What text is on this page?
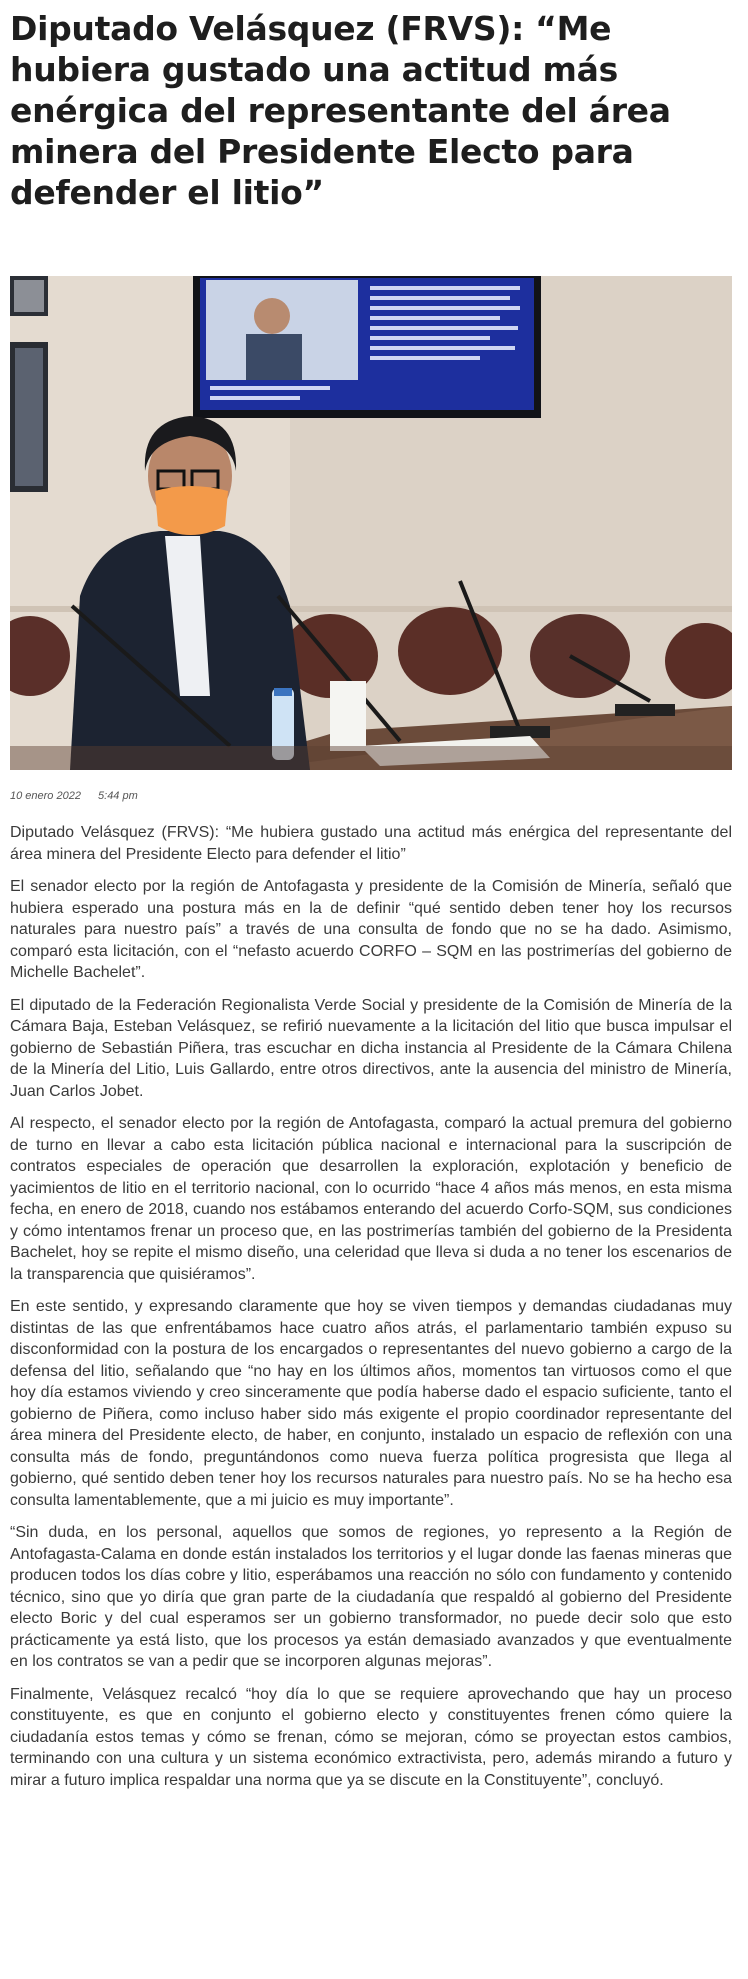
Diputado Velásquez (FRVS): “Me hubiera gustado una actitud más enérgica del representante del área minera del Presidente Electo para defender el litio”
10 enero 2022 5:44 pm

Diputado Velásquez (FRVS): “Me hubiera gustado una actitud más enérgica del representante del área minera del Presidente Electo para defender el litio”

El senador electo por la región de Antofagasta y presidente de la Comisión de Minería, señaló que hubiera esperado una postura más en la de definir “qué sentido deben tener hoy los recursos naturales para nuestro país” a través de una consulta de fondo que no se ha dado. Asimismo, comparó esta licitación, con el “nefasto acuerdo CORFO – SQM en las postrimerías del gobierno de Michelle Bachelet”.

El diputado de la Federación Regionalista Verde Social y presidente de la Comisión de Minería de la Cámara Baja, Esteban Velásquez, se refirió nuevamente a la licitación del litio que busca impulsar el gobierno de Sebastián Piñera, tras escuchar en dicha instancia al Presidente de la Cámara Chilena de la Minería del Litio, Luis Gallardo, entre otros directivos, ante la ausencia del ministro de Minería, Juan Carlos Jobet.

Al respecto, el senador electo por la región de Antofagasta, comparó la actual premura del gobierno de turno en llevar a cabo esta licitación pública nacional e internacional para la suscripción de contratos especiales de operación que desarrollen la exploración, explotación y beneficio de yacimientos de litio en el territorio nacional, con lo ocurrido “hace 4 años más menos, en esta misma fecha, en enero de 2018, cuando nos estábamos enterando del acuerdo Corfo-SQM, sus condiciones y cómo intentamos frenar un proceso que, en las postrimerías también del gobierno de la Presidenta Bachelet, hoy se repite el mismo diseño, una celeridad que lleva si duda a no tener los escenarios de la transparencia que quisiéramos”.

En este sentido, y expresando claramente que hoy se viven tiempos y demandas ciudadanas muy distintas de las que enfrentábamos hace cuatro años atrás, el parlamentario también expuso su disconformidad con la postura de los encargados o representantes del nuevo gobierno a cargo de la defensa del litio, señalando que “no hay en los últimos años, momentos tan virtuosos como el que hoy día estamos viviendo y creo sinceramente que podía haberse dado el espacio suficiente, tanto el gobierno de Piñera, como incluso haber sido más exigente el propio coordinador representante del área minera del Presidente electo, de haber, en conjunto, instalado un espacio de reflexión con una consulta más de fondo, preguntándonos como nueva fuerza política progresista que llega al gobierno, qué sentido deben tener hoy los recursos naturales para nuestro país. No se ha hecho esa consulta lamentablemente, que a mi juicio es muy importante”.

“Sin duda, en los personal, aquellos que somos de regiones, yo represento a la Región de Antofagasta-Calama en donde están instalados los territorios y el lugar donde las faenas mineras que producen todos los días cobre y litio, esperábamos una reacción no sólo con fundamento y contenido técnico, sino que yo diría que gran parte de la ciudadanía que respaldó al gobierno del Presidente electo Boric y del cual esperamos ser un gobierno transformador, no puede decir solo que esto prácticamente ya está listo, que los procesos ya están demasiado avanzados y que eventualmente en los contratos se van a pedir que se incorporen algunas mejoras”.

Finalmente, Velásquez recalcó “hoy día lo que se requiere aprovechando que hay un proceso constituyente, es que en conjunto el gobierno electo y constituyentes frenen cómo quiere la ciudadanía estos temas y cómo se frenan, cómo se mejoran, cómo se proyectan estos cambios, terminando con una cultura y un sistema económico extractivista, pero, además mirando a futuro y mirar a futuro implica respaldar una norma que ya se discute en la Constituyente”, concluyó.
